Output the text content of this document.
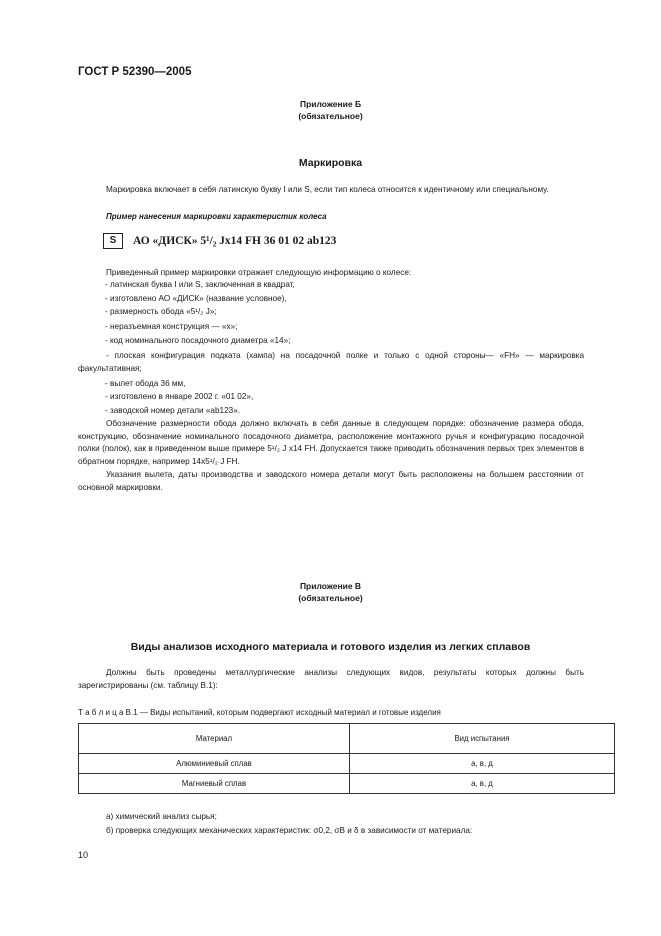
ГОСТ Р 52390—2005
Приложение Б
(обязательное)
Маркировка
Маркировка включает в себя латинскую букву I или S, если тип колеса относится к идентичному или специальному.
Пример нанесения маркировки характеристик колеса
S	АО «ДИСК» 5¹/₂ Jx14 FH 36 01 02 ab123
Приведенный пример маркировки отражает следующую информацию о колесе:
- латинская буква I или S, заключенная в квадрат,
- изготовлено АО «ДИСК» (название условное),
- размерность обода «5¹/₂ J»;
- неразъемная конструкция — «x»;
- код номинального посадочного диаметра «14»;
- плоская конфигурация подката (хампа) на посадочной полке и только с одной стороны— «FH» — маркировка факультативная;
- вылет обода 36 мм,
- изготовлено в январе 2002 г. «01 02»,
- заводской номер детали «ab123».
Обозначение размерности обода должно включать в себя данные в следующем порядке: обозначение размера обода, конструкцию, обозначение номинального посадочного диаметра, расположение монтажного ручья и конфигурацию посадочной полки (полок), как в приведенном выше примере 5¹/₂ J x14 FH. Допускается также приводить обозначения первых трех элементов в обратном порядке, например 14x5¹/₂ J FH.
Указания вылета, даты производства и заводского номера детали могут быть расположены на большем расстоянии от основной маркировки.
Приложение В
(обязательное)
Виды анализов исходного материала и готового изделия из легких сплавов
Должны быть проведены металлургические анализы следующих видов, результаты которых должны быть зарегистрированы (см. таблицу В.1):
Т а б л и ц а В.1 — Виды испытаний, которым подвергают исходный материал и готовые изделия
Материал	Вид испытания
Алюминиевый сплав	а, в, д
Магниевый сплав	а, в, д
а) химический анализ сырья;
б) проверка следующих механических характеристик: σ0,2, σB и δ в зависимости от материала:
10
